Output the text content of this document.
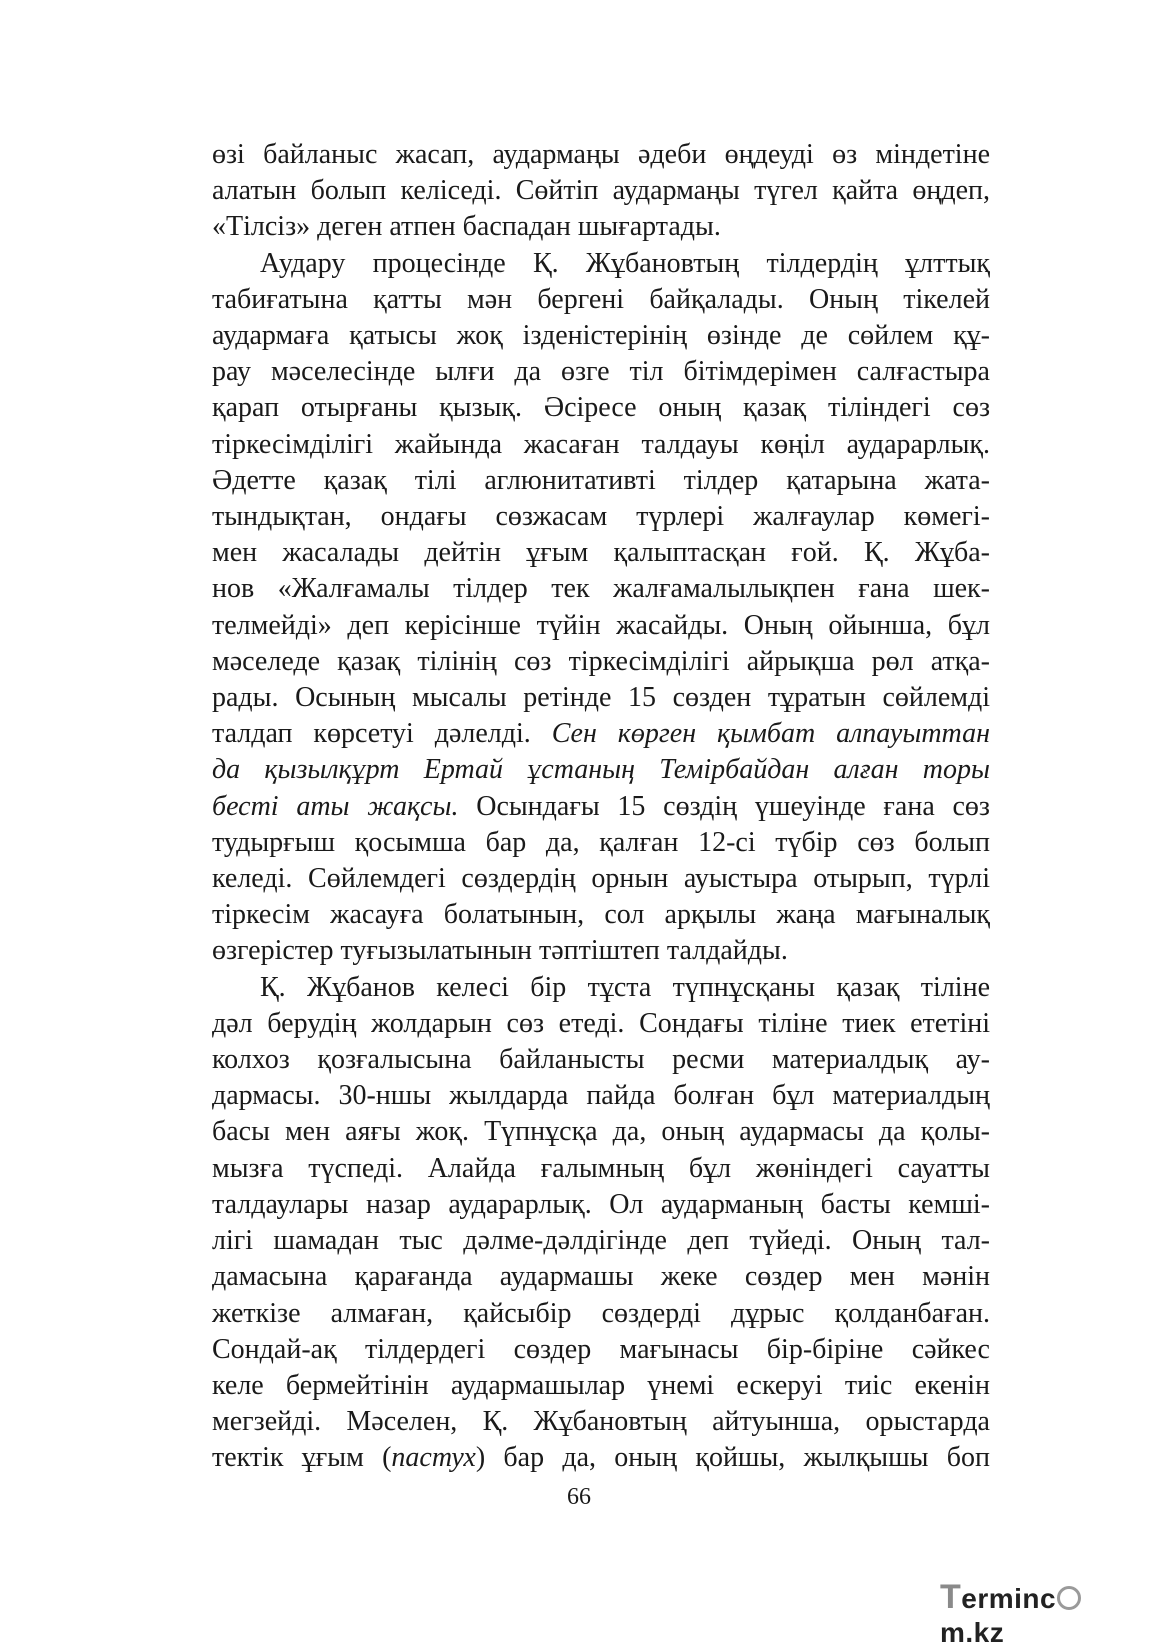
өзі байланыс жасап, аудармаңы әдеби өңдеуді өз міндетіне
алатын болып келіседі. Сөйтіп аудармаңы түгел қайта өңдеп,
«Тілсіз» деген атпен баспадан шығартады.
Аудару процесінде Қ. Жұбановтың тілдердің ұлттық
табиғатына қатты мән бергені байқалады. Оның тікелей
аудармаға қатысы жоқ ізденістерінің өзінде де сөйлем құ-
рау мәселесінде ылғи да өзге тіл бітімдерімен салғастыра
қарап отырғаны қызық. Әсіресе оның қазақ тіліндегі сөз
тіркесімділігі жайында жасаған талдауы көңіл аударарлық.
Әдетте қазақ тілі аглюнитативті тілдер қатарына жата-
тындықтан, ондағы сөзжасам түрлері жалғаулар көмегі-
мен жасалады дейтін ұғым қалыптасқан ғой. Қ. Жұба-
нов «Жалғамалы тілдер тек жалғамалылықпен ғана шек-
телмейді» деп керісінше түйін жасайды. Оның ойынша, бұл
мәселеде қазақ тілінің сөз тіркесімділігі айрықша рөл атқа-
рады. Осының мысалы ретінде 15 сөзден тұратын сөйлемді
талдап көрсетуі дәлелді. Сен көрген қымбат алпауыттан
да қызылқұрт Ертай ұстаның Темірбайдан алған торы
бесті аты жақсы. Осындағы 15 сөздің үшеуінде ғана сөз
тудырғыш қосымша бар да, қалған 12-сі түбір сөз болып
келеді. Сөйлемдегі сөздердің орнын ауыстыра отырып, түрлі
тіркесім жасауға болатынын, сол арқылы жаңа мағыналық
өзгерістер туғызылатынын тәптіштеп талдайды.
Қ. Жұбанов келесі бір тұста түпнұсқаны қазақ тіліне
дәл берудің жолдарын сөз етеді. Сондағы тіліне тиек ететіні
колхоз қозғалысына байланысты ресми материалдық ау-
дармасы. 30-ншы жылдарда пайда болған бұл материалдың
басы мен аяғы жоқ. Түпнұсқа да, оның аудармасы да қолы-
мызға түспеді. Алайда ғалымның бұл жөніндегі сауатты
талдаулары назар аударарлық. Ол аударманың басты кемші-
лігі шамадан тыс дәлме-дәлдігінде деп түйеді. Оның тал-
дамасына қарағанда аудармашы жеке сөздер мен мәнін
жеткізе алмаған, қайсыбір сөздерді дұрыс қолданбаған.
Сондай-ақ тілдердегі сөздер мағынасы бір-біріне сәйкес
келе бермейтінін аудармашылар үнемі ескеруі тиіс екенін
мегзейді. Мәселен, Қ. Жұбановтың айтуынша, орыстарда
тектік ұғым (пастух) бар да, оның қойшы, жылқышы боп
66
Termincm.kz
